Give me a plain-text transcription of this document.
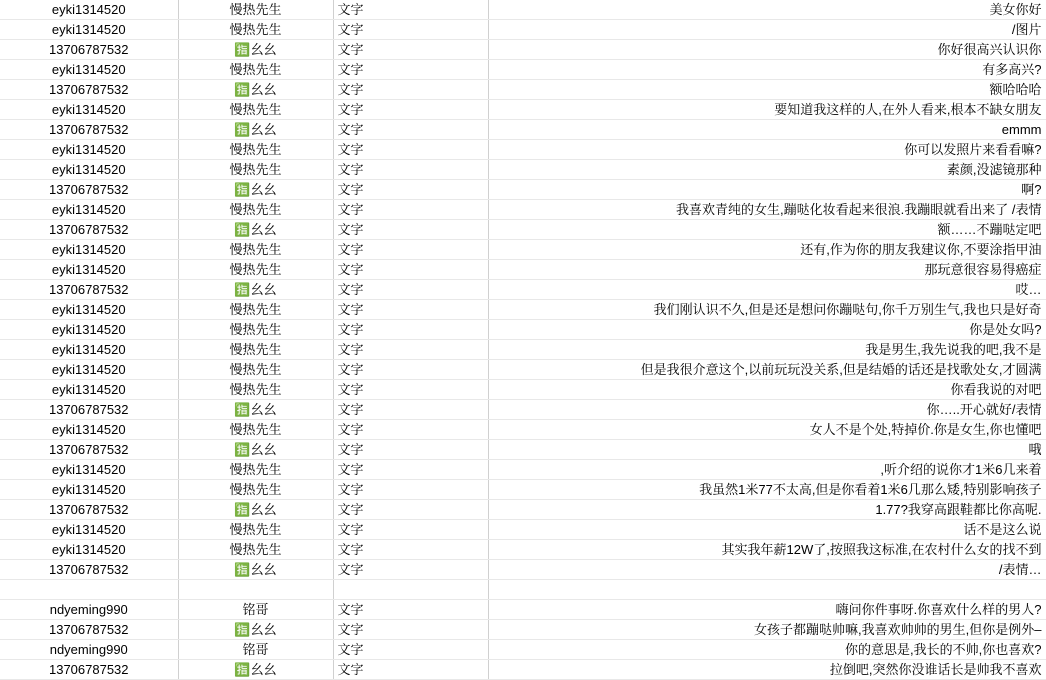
eyki1314520	慢热先生	文字	美女你好
eyki1314520	慢热先生	文字	/图片
13706787532	🈯幺幺	文字	你好很高兴认识你
eyki1314520	慢热先生	文字	有多高兴?
13706787532	🈯幺幺	文字	额哈哈哈
eyki1314520	慢热先生	文字	要知道我这样的人,在外人看来,根本不缺女朋友
13706787532	🈯幺幺	文字	emmm
eyki1314520	慢热先生	文字	你可以发照片来看看嘛?
eyki1314520	慢热先生	文字	素颜,没滤镜那种
13706787532	🈯幺幺	文字	啊?
eyki1314520	慢热先生	文字	我喜欢青纯的女生,蹦哒化妆看起来很浪.我蹦眼就看出来了 /表情
13706787532	🈯幺幺	文字	额……不蹦哒定吧
eyki1314520	慢热先生	文字	还有,作为你的朋友我建议你,不要涂指甲油
eyki1314520	慢热先生	文字	那玩意很容易得癌症
13706787532	🈯幺幺	文字	哎…
eyki1314520	慢热先生	文字	我们刚认识不久,但是还是想问你蹦哒句,你千万别生气,我也只是好奇
eyki1314520	慢热先生	文字	你是处女吗?
eyki1314520	慢热先生	文字	我是男生,我先说我的吧,我不是
eyki1314520	慢热先生	文字	但是我很介意这个,以前玩玩没关系,但是结婚的话还是找歌处女,才圆满
eyki1314520	慢热先生	文字	你看我说的对吧
13706787532	🈯幺幺	文字	你…..开心就好/表情
eyki1314520	慢热先生	文字	女人不是个处,特掉价.你是女生,你也懂吧
13706787532	🈯幺幺	文字	哦
eyki1314520	慢热先生	文字	,听介绍的说你才1米6几来着
eyki1314520	慢热先生	文字	我虽然1米77不太高,但是你看着1米6几那么矮,特别影响孩子
13706787532	🈯幺幺	文字	1.77?我穿高跟鞋都比你高呢.
eyki1314520	慢热先生	文字	话不是这么说
eyki1314520	慢热先生	文字	其实我年薪12W了,按照我这标准,在农村什么女的找不到
13706787532	🈯幺幺	文字	/表情…

ndyeming990	铭哥	文字	嗨问你件事呀.你喜欢什么样的男人?
13706787532	🈯幺幺	文字	女孩子都蹦哒帅嘛,我喜欢帅帅的男生,但你是例外–
ndyeming990	铭哥	文字	你的意思是,我长的不帅,你也喜欢?
13706787532	🈯幺幺	文字	拉倒吧,突然你没谁话长是帅我不喜欢
